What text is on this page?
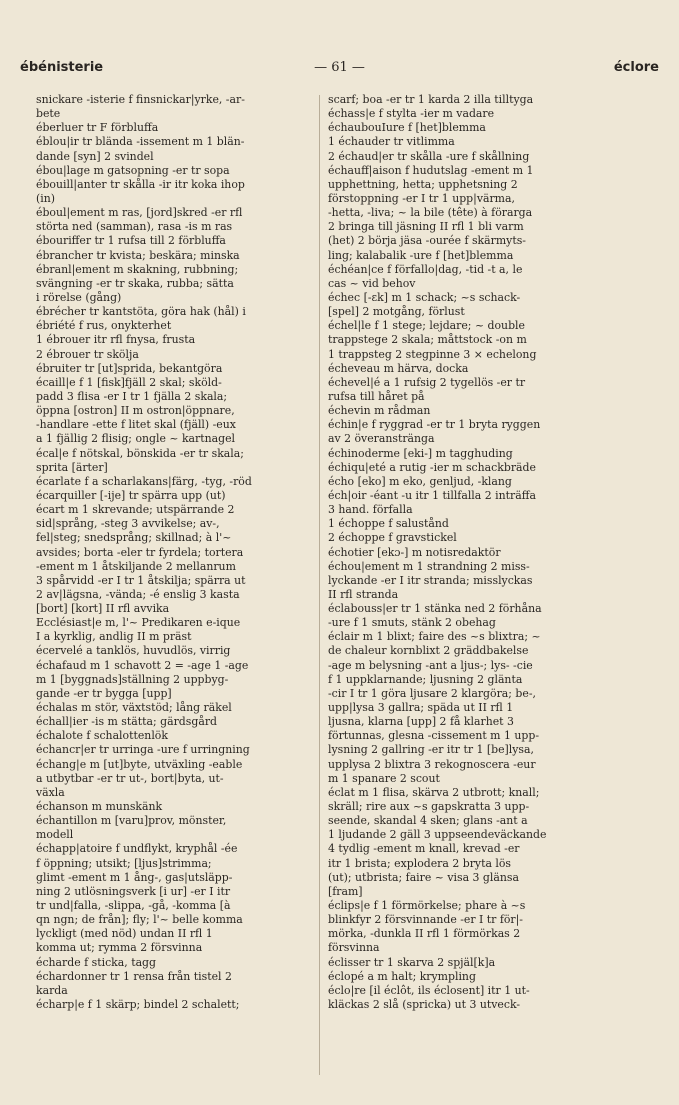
ébénisterie	— 61 —	éclore
snickare -isterie f finsnickar|yrke, -ar-
bete
éberluer tr F förbluffa
éblou|ir tr blända -issement m 1 blän-
dande [syn] 2 svindel
ébou|lage m gatsopning -er tr sopa
ébouill|anter tr skålla -ir itr koka ihop
(in)
éboul|ement m ras, [jord]skred -er rfl
störta ned (samman), rasa -is m ras
ébouriffer tr 1 rufsa till 2 förbluffa
ébrancher tr kvista; beskära; minska
ébranl|ement m skakning, rubbning;
svängning -er tr skaka, rubba; sätta
i rörelse (gång)
ébrécher tr kantstöta, göra hak (hål) i
ébriété f rus, onykterhet
1 ébrouer itr rfl fnysa, frusta
2 ébrouer tr skölja
ébruiter tr [ut]sprida, bekantgöra
écaill|e f 1 [fisk]fjäll 2 skal; sköld-
padd 3 flisa -er I tr 1 fjälla 2 skala;
öppna [ostron] II m ostron|öppnare,
-handlare -ette f litet skal (fjäll) -eux
a 1 fjällig 2 flisig; ongle ~ kartnagel
écal|e f nötskal, bönskida -er tr skala;
sprita [ärter]
écarlate f a scharlakans|färg, -tyg, -röd
écarquiller [-ije] tr spärra upp (ut)
écart m 1 skrevande; utspärrande 2
sid|språng, -steg 3 avvikelse; av-,
fel|steg; snedsprång; skillnad; à l'~
avsides; borta -eler tr fyrdela; tortera
-ement m 1 åtskiljande 2 mellanrum
3 spårvidd -er I tr 1 åtskilja; spärra ut
2 av|lägsna, -vända; -é enslig 3 kasta
[bort] [kort] II rfl avvika
Ecclésiast|e m, l'~ Predikaren e-ique
I a kyrklig, andlig II m präst
écervelé a tanklös, huvudlös, virrig
échafaud m 1 schavott 2 = -age 1 -age
m 1 [byggnads]ställning 2 uppbyg-
gande -er tr bygga [upp]
échalas m stör, växtstöd; lång räkel
échall|ier -is m stätta; gärdsgård
échalote f schalottenlök
échancr|er tr urringa -ure f urringning
échang|e m [ut]byte, utväxling -eable
a utbytbar -er tr ut-, bort|byta, ut-
växla
échanson m munskänk
échantillon m [varu]prov, mönster,
modell
échapp|atoire f undflykt, kryphål -ée
f öppning; utsikt; [ljus]strimma;
glimt -ement m 1 ång-, gas|utsläpp-
ning 2 utlösningsverk [i ur] -er I itr
tr und|falla, -slippa, -gå, -komma [à
qn ngn; de från]; fly; l'~ belle komma
lyckligt (med nöd) undan II rfl 1
komma ut; rymma 2 försvinna
écharde f sticka, tagg
échardonner tr 1 rensa från tistel 2
karda
écharp|e f 1 skärp; bindel 2 schalett;
scarf; boa -er tr 1 karda 2 illa tilltyga
échass|e f stylta -ier m vadare
échaubouIure f [het]blemma
1 échauder tr vitlimma
2 échaud|er tr skålla -ure f skållning
échauff|aison f hudutslag -ement m 1
upphettning, hetta; upphetsning 2
förstoppning -er I tr 1 upp|värma,
-hetta, -liva; ~ la bile (tête) à förarga
2 bringa till jäsning II rfl 1 bli varm
(het) 2 börja jäsa -ourée f skärmyts-
ling; kalabalik -ure f [het]blemma
échéan|ce f förfallo|dag, -tid -t a, le
cas ~ vid behov
échec [-ɛk] m 1 schack; ~s schack-
[spel] 2 motgång, förlust
échel|le f 1 stege; lejdare; ~ double
trappstege 2 skala; måttstock -on m
1 trappsteg 2 stegpinne 3 ⨯ echelong
écheveau m härva, docka
échevel|é a 1 rufsig 2 tygellös -er tr
rufsa till håret på
échevin m rådman
échin|e f ryggrad -er tr 1 bryta ryggen
av 2 överanstränga
échinoderme [eki-] m tagghuding
échiqu|eté a rutig -ier m schackbräde
écho [eko] m eko, genljud, -klang
éch|oir -éant -u itr 1 tillfalla 2 inträffa
3 hand. förfalla
1 échoppe f salustånd
2 échoppe f gravstickel
échotier [ekɔ-] m notisredaktör
échou|ement m 1 strandning 2 miss-
lyckande -er I itr stranda; misslyckas
II rfl stranda
éclabouss|er tr 1 stänka ned 2 förhåna
-ure f 1 smuts, stänk 2 obehag
éclair m 1 blixt; faire des ~s blixtra; ~
de chaleur kornblixt 2 gräddbakelse
-age m belysning -ant a ljus-; lys- -cie
f 1 uppklarnande; ljusning 2 glänta
-cir I tr 1 göra ljusare 2 klargöra; be-,
upp|lysa 3 gallra; späda ut II rfl 1
ljusna, klarna [upp] 2 få klarhet 3
förtunnas, glesna -cissement m 1 upp-
lysning 2 gallring -er itr tr 1 [be]lysa,
upplysa 2 blixtra 3 rekognoscera -eur
m 1 spanare 2 scout
éclat m 1 flisa, skärva 2 utbrott; knall;
skräll; rire aux ~s gapskratta 3 upp-
seende, skandal 4 sken; glans -ant a
1 ljudande 2 gäll 3 uppseendeväckande
4 tydlig -ement m knall, krevad -er
itr 1 brista; explodera 2 bryta lös
(ut); utbrista; faire ~ visa 3 glänsa
[fram]
éclips|e f 1 förmörkelse; phare à ~s
blinkfyr 2 försvinnande -er I tr för|-
mörka, -dunkla II rfl 1 förmörkas 2
försvinna
éclisser tr 1 skarva 2 spjäl[k]a
éclopé a m halt; krympling
éclo|re [il éclôt, ils éclosent] itr 1 ut-
kläckas 2 slå (spricka) ut 3 utveck-
